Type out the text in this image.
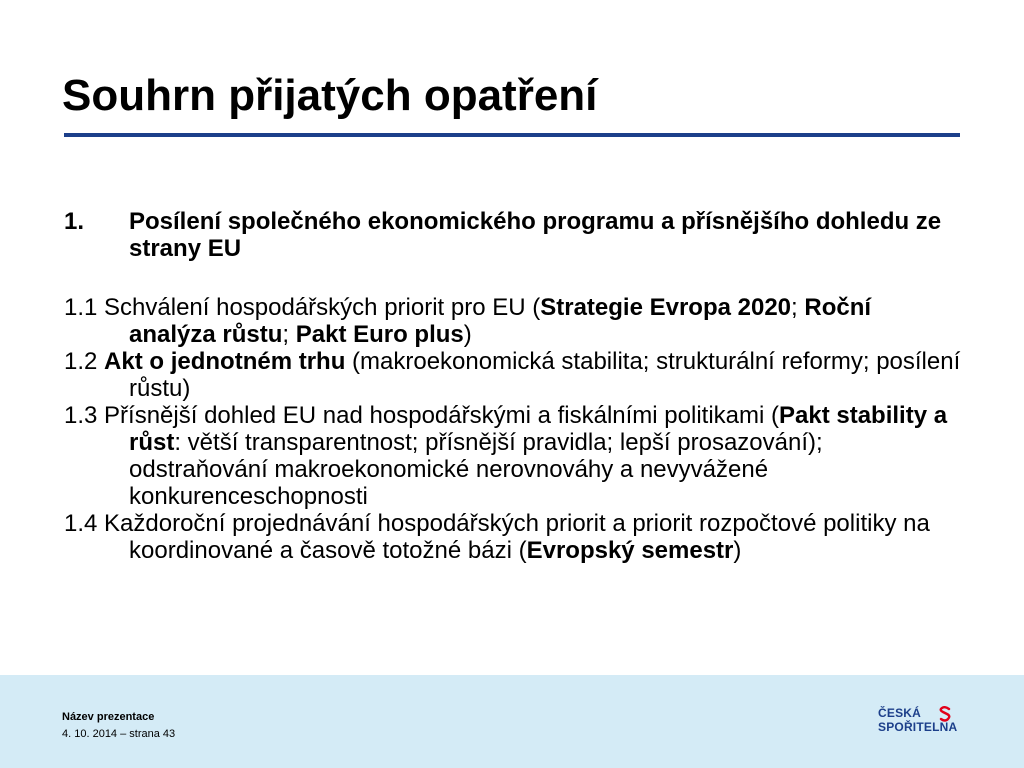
Souhrn přijatých opatření
1. Posílení společného ekonomického programu a přísnějšího dohledu ze strany EU
1.1 Schválení hospodářských priorit pro EU (Strategie Evropa 2020; Roční analýza růstu; Pakt Euro plus)
1.2 Akt o jednotném trhu (makroekonomická stabilita; strukturální reformy; posílení růstu)
1.3 Přísnější dohled EU nad hospodářskými a fiskálními politikami (Pakt stability a růst: větší transparentnost; přísnější pravidla; lepší prosazování); odstraňování makroekonomické nerovnováhy a nevyvážené konkurenceschopnosti
1.4 Každoroční projednávání hospodářských priorit a priorit rozpočtové politiky na koordinované a časově totožné bázi (Evropský semestr)
Název prezentace
4. 10. 2014 – strana 43
ČESKÁ
SPOŘITELNA
